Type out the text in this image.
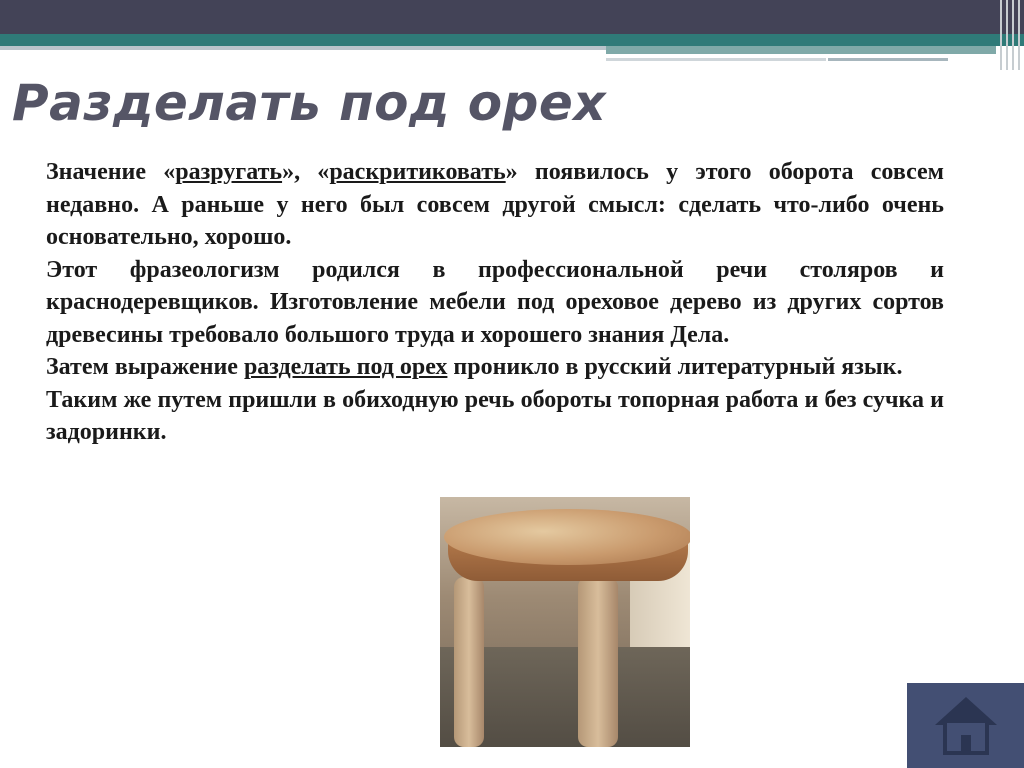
Разделать под орех

Значение «разругать», «раскритиковать» появилось у этого оборота совсем недавно. А раньше у него был совсем другой смысл: сделать что-либо очень основательно, хорошо.

Этот фразеологизм родился в профессиональной речи столяров и краснодеревщиков. Изготовление мебели под ореховое дерево из других сортов древесины требовало большого труда и хорошего знания Дела.

Затем выражение разделать под орех проникло в русский литературный язык.

Таким же путем пришли в обиходную речь обороты топорная работа и без сучка и задоринки.
